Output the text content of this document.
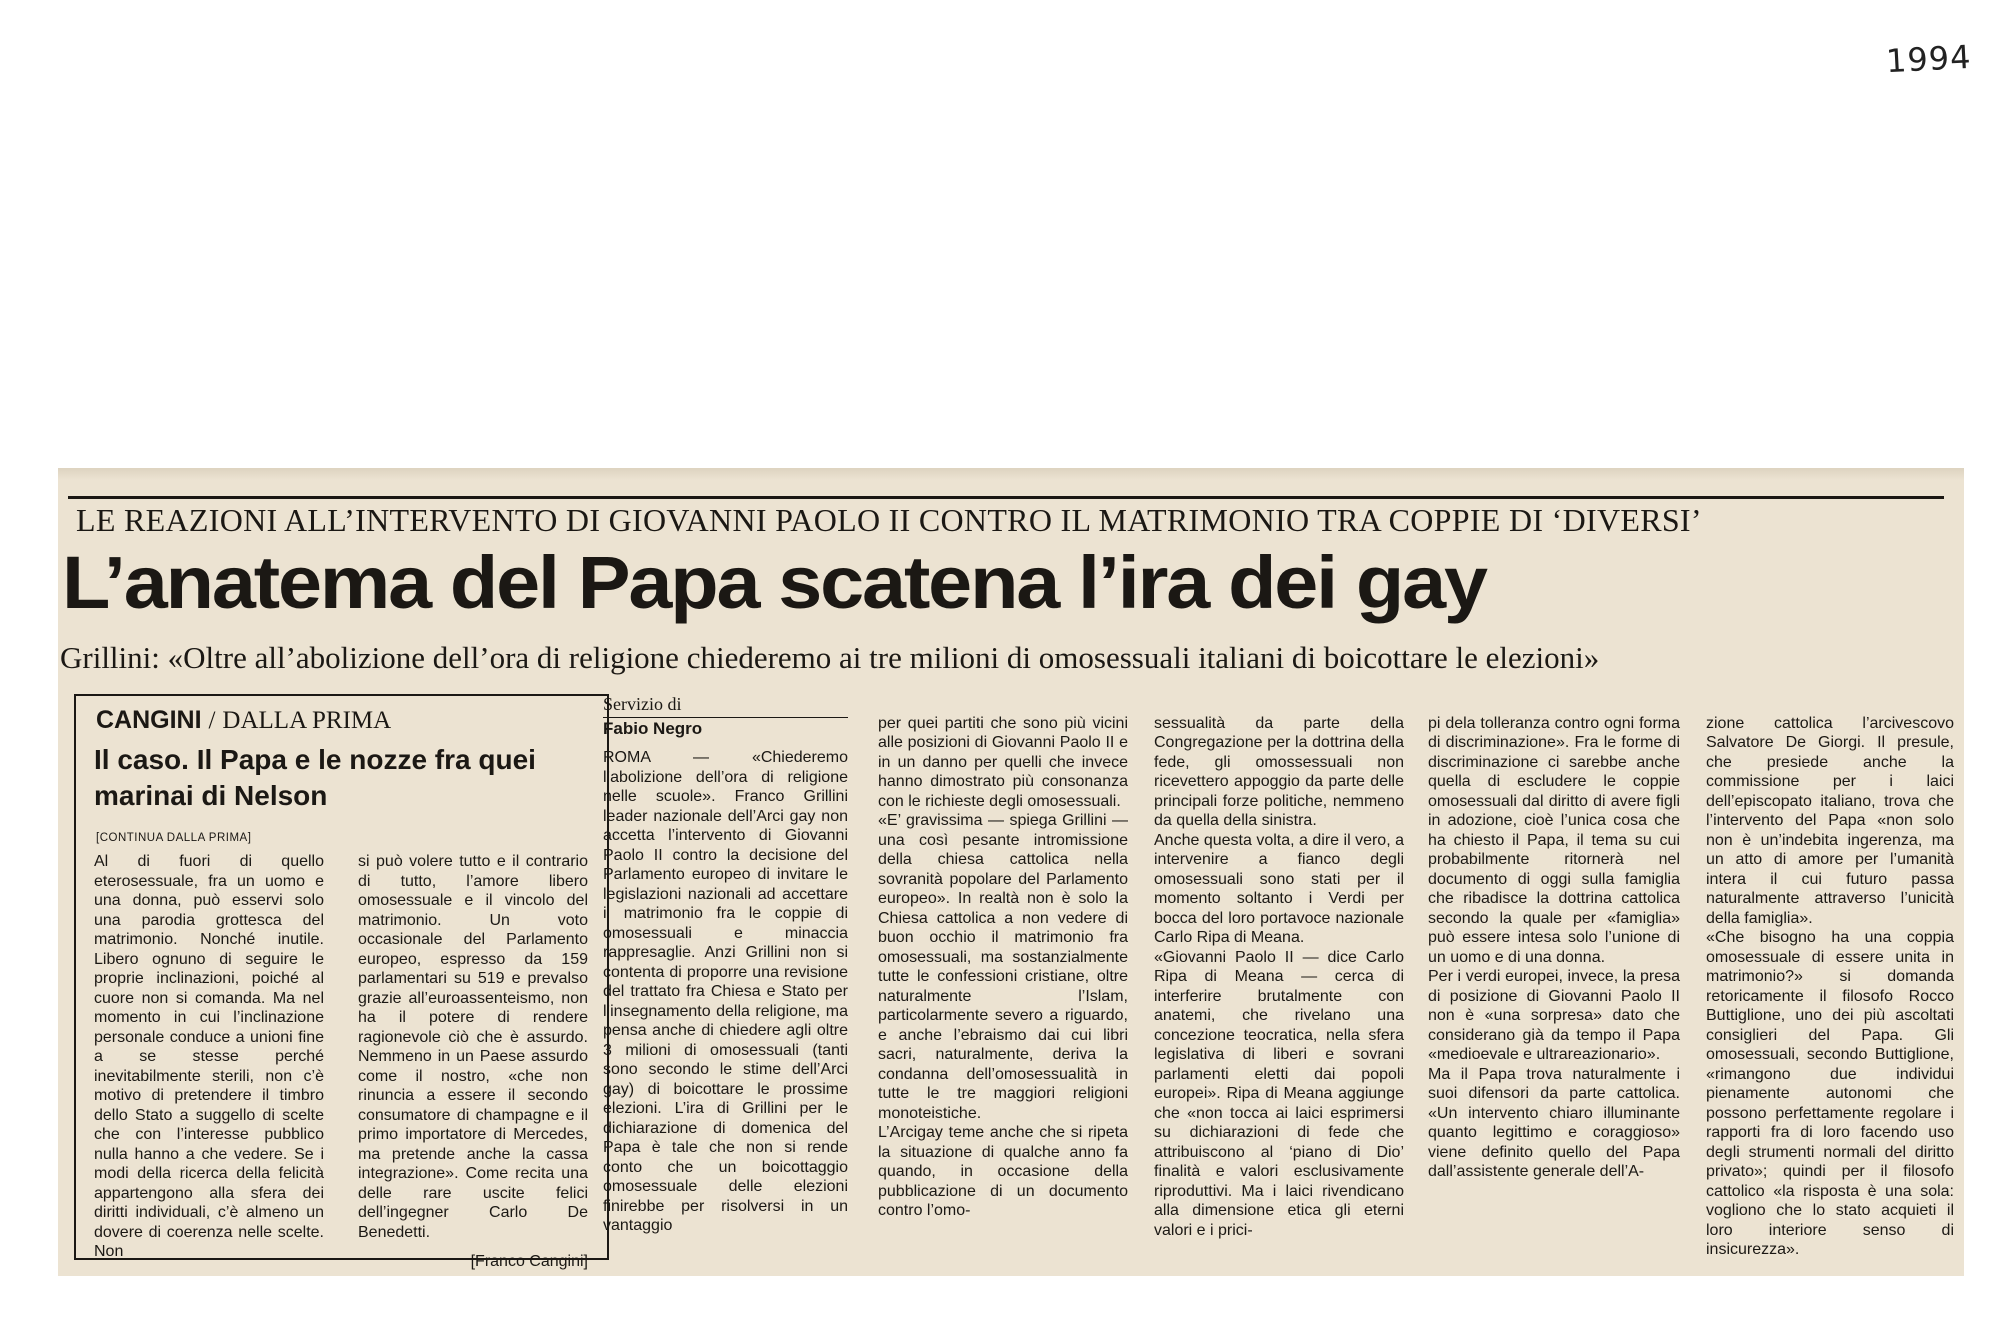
1994
LE REAZIONI ALL’INTERVENTO DI GIOVANNI PAOLO II CONTRO IL MATRIMONIO TRA COPPIE DI ‘DIVERSI’
L’anatema del Papa scatena l’ira dei gay
Grillini: «Oltre all’abolizione dell’ora di religione chiederemo ai tre milioni di omosessuali italiani di boicottare le elezioni»
CANGINI / DALLA PRIMA
Il caso. Il Papa e le nozze fra quei marinai di Nelson
[CONTINUA DALLA PRIMA]

Al di fuori di quello eterosessuale, fra un uomo e una donna, può esservi solo una parodia grottesca del matrimonio. Nonché inutile. Libero ognuno di seguire le proprie inclinazioni, poiché al cuore non si comanda. Ma nel momento in cui l’inclinazione personale conduce a unioni fine a se stesse perché inevitabilmente sterili, non c’è motivo di pretendere il timbro dello Stato a suggello di scelte che con l’interesse pubblico nulla hanno a che vedere. Se i modi della ricerca della felicità appartengono alla sfera dei diritti individuali, c’è almeno un dovere di coerenza nelle scelte. Non

si può volere tutto e il contrario di tutto, l’amore libero omosessuale e il vincolo del matrimonio. Un voto occasionale del Parlamento europeo, espresso da 159 parlamentari su 519 e prevalso grazie all’euroassenteismo, non ha il potere di rendere ragionevole ciò che è assurdo. Nemmeno in un Paese assurdo come il nostro, «che non rinuncia a essere il secondo consumatore di champagne e il primo importatore di Mercedes, ma pretende anche la cassa integrazione». Come recita una delle rare uscite felici dell’ingegner Carlo De Benedetti.

[Franco Cangini]

Servizio di
Fabio Negro

ROMA — «Chiederemo l’abolizione dell’ora di religione nelle scuole». Franco Grillini leader nazionale dell’Arci gay non accetta l’intervento di Giovanni Paolo II contro la decisione del Parlamento europeo di invitare le legislazioni nazionali ad accettare il matrimonio fra le coppie di omosessuali e minaccia rappresaglie. Anzi Grillini non si contenta di proporre una revisione del trattato fra Chiesa e Stato per l’insegnamento della religione, ma pensa anche di chiedere agli oltre 3 milioni di omosessuali (tanti sono secondo le stime dell’Arci gay) di boicottare le prossime elezioni. L’ira di Grillini per le dichiarazione di domenica del Papa è tale che non si rende conto che un boicottaggio omosessuale delle elezioni finirebbe per risolversi in un vantaggio

per quei partiti che sono più vicini alle posizioni di Giovanni Paolo II e in un danno per quelli che invece hanno dimostrato più consonanza con le richieste degli omosessuali.
«E’ gravissima — spiega Grillini — una così pesante intromissione della chiesa cattolica nella sovranità popolare del Parlamento europeo». In realtà non è solo la Chiesa cattolica a non vedere di buon occhio il matrimonio fra omosessuali, ma sostanzialmente tutte le confessioni cristiane, oltre naturalmente l’Islam, particolarmente severo a riguardo, e anche l’ebraismo dai cui libri sacri, naturalmente, deriva la condanna dell’omosessualità in tutte le tre maggiori religioni monoteistiche.
L’Arcigay teme anche che si ripeta la situazione di qualche anno fa quando, in occasione della pubblicazione di un documento contro l’omo-

sessualità da parte della Congregazione per la dottrina della fede, gli omossessuali non ricevettero appoggio da parte delle principali forze politiche, nemmeno da quella della sinistra.
Anche questa volta, a dire il vero, a intervenire a fianco degli omosessuali sono stati per il momento soltanto i Verdi per bocca del loro portavoce nazionale Carlo Ripa di Meana.
«Giovanni Paolo II — dice Carlo Ripa di Meana — cerca di interferire brutalmente con anatemi, che rivelano una concezione teocratica, nella sfera legislativa di liberi e sovrani parlamenti eletti dai popoli europei». Ripa di Meana aggiunge che «non tocca ai laici esprimersi su dichiarazioni di fede che attribuiscono al ‘piano di Dio’ finalità e valori esclusivamente riproduttivi. Ma i laici rivendicano alla dimensione etica gli eterni valori e i prici-

pi dela tolleranza contro ogni forma di discriminazione». Fra le forme di discriminazione ci sarebbe anche quella di escludere le coppie omosessuali dal diritto di avere figli in adozione, cioè l’unica cosa che ha chiesto il Papa, il tema su cui probabilmente ritornerà nel documento di oggi sulla famiglia che ribadisce la dottrina cattolica secondo la quale per «famiglia» può essere intesa solo l’unione di un uomo e di una donna.
Per i verdi europei, invece, la presa di posizione di Giovanni Paolo II non è «una sorpresa» dato che considerano già da tempo il Papa «medioevale e ultrareazionario».
Ma il Papa trova naturalmente i suoi difensori da parte cattolica. «Un intervento chiaro illuminante quanto legittimo e coraggioso» viene definito quello del Papa dall’assistente generale dell’A-

zione cattolica l’arcivescovo Salvatore De Giorgi. Il presule, che presiede anche la commissione per i laici dell’episcopato italiano, trova che l’intervento del Papa «non solo non è un’indebita ingerenza, ma un atto di amore per l’umanità intera il cui futuro passa naturalmente attraverso l’unicità della famiglia».
«Che bisogno ha una coppia omosessuale di essere unita in matrimonio?» si domanda retoricamente il filosofo Rocco Buttiglione, uno dei più ascoltati consiglieri del Papa. Gli omosessuali, secondo Buttiglione, «rimangono due individui pienamente autonomi che possono perfettamente regolare i rapporti fra di loro facendo uso degli strumenti normali del diritto privato»; quindi per il filosofo cattolico «la risposta è una sola: vogliono che lo stato acquieti il loro interiore senso di insicurezza».
